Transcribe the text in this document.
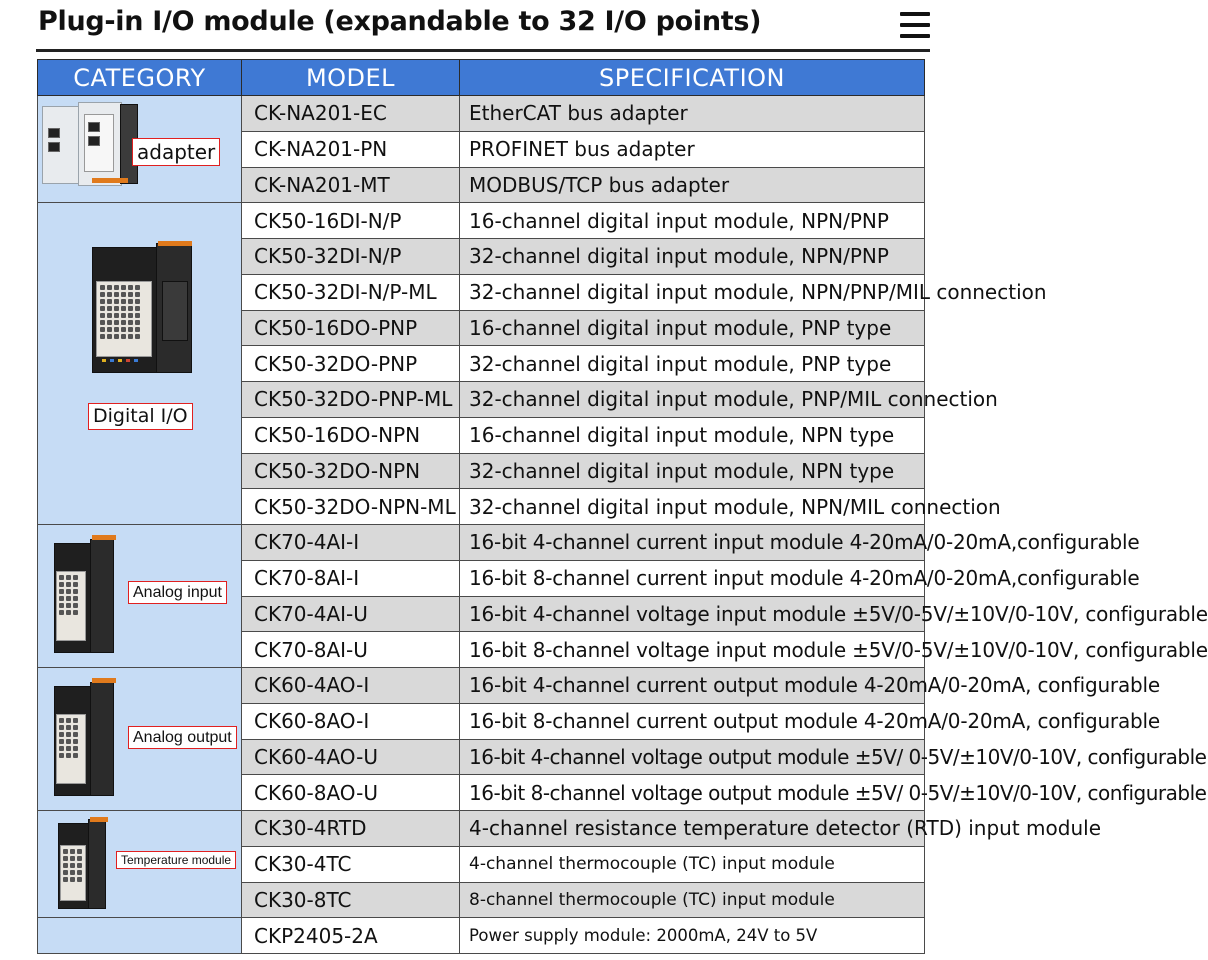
Plug-in I/O module (expandable to 32 I/O points)
CATEGORY	MODEL	SPECIFICATION

adapter	CK-NA201-EC	EtherCAT bus adapter
	CK-NA201-PN	PROFINET bus adapter
	CK-NA201-MT	MODBUS/TCP bus adapter

Digital I/O	CK50-16DI-N/P	16-channel digital input module, NPN/PNP
	CK50-32DI-N/P	32-channel digital input module, NPN/PNP
	CK50-32DI-N/P-ML	32-channel digital input module, NPN/PNP/MIL connection
	CK50-16DO-PNP	16-channel digital input module, PNP type
	CK50-32DO-PNP	32-channel digital input module, PNP type
	CK50-32DO-PNP-ML	32-channel digital input module, PNP/MIL connection
	CK50-16DO-NPN	16-channel digital input module, NPN type
	CK50-32DO-NPN	32-channel digital input module, NPN type
	CK50-32DO-NPN-ML	32-channel digital input module, NPN/MIL connection

Analog input	CK70-4AI-I	16-bit 4-channel current input module 4-20mA/0-20mA,configurable
	CK70-8AI-I	16-bit 8-channel current input module 4-20mA/0-20mA,configurable
	CK70-4AI-U	16-bit 4-channel voltage input module ±5V/0-5V/±10V/0-10V, configurable
	CK70-8AI-U	16-bit 8-channel voltage input module ±5V/0-5V/±10V/0-10V, configurable

Analog output	CK60-4AO-I	16-bit 4-channel current output module 4-20mA/0-20mA, configurable
	CK60-8AO-I	16-bit 8-channel current output module 4-20mA/0-20mA, configurable
	CK60-4AO-U	16-bit 4-channel voltage output module ±5V/ 0-5V/±10V/0-10V, configurable
	CK60-8AO-U	16-bit 8-channel voltage output module ±5V/ 0-5V/±10V/0-10V, configurable

Temperature module	CK30-4RTD	4-channel resistance temperature detector (RTD) input module
	CK30-4TC	4-channel thermocouple (TC) input module
	CK30-8TC	8-channel thermocouple (TC) input module
	CKP2405-2A	Power supply module: 2000mA, 24V to 5V
